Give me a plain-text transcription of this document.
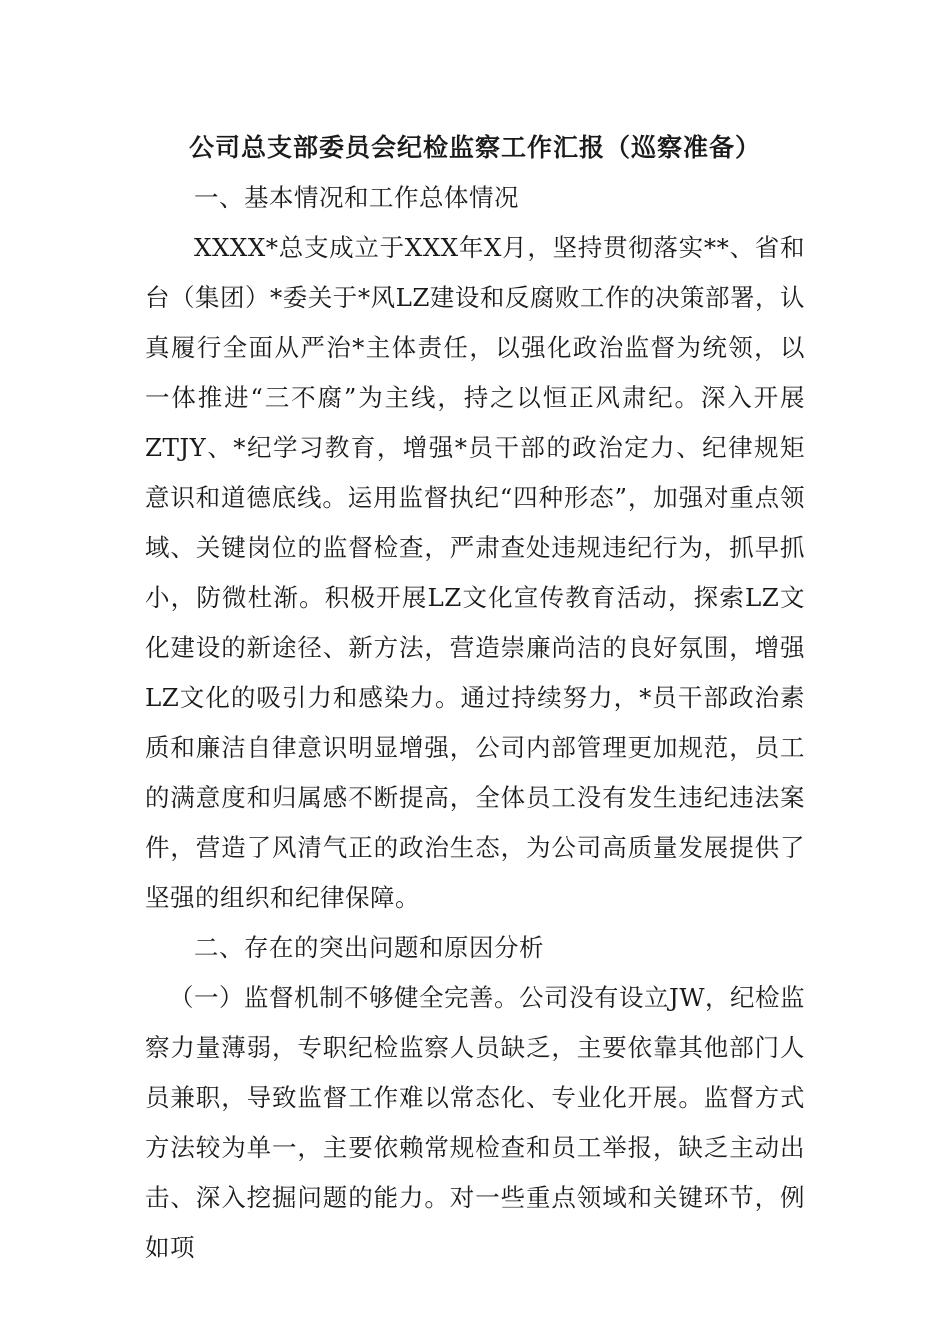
公司总支部委员会纪检监察工作汇报（巡察准备）

一、基本情况和工作总体情况

XXXX*总支成立于XXX年X月，坚持贯彻落实**、省和台（集团）*委关于*风LZ建设和反腐败工作的决策部署，认真履行全面从严治*主体责任，以强化政治监督为统领，以一体推进“三不腐”为主线，持之以恒正风肃纪。深入开展ZTJY、*纪学习教育，增强*员干部的政治定力、纪律规矩意识和道德底线。运用监督执纪“四种形态”，加强对重点领域、关键岗位的监督检查，严肃查处违规违纪行为，抓早抓小，防微杜渐。积极开展LZ文化宣传教育活动，探索LZ文化建设的新途径、新方法，营造崇廉尚洁的良好氛围，增强LZ文化的吸引力和感染力。通过持续努力，*员干部政治素质和廉洁自律意识明显增强，公司内部管理更加规范，员工的满意度和归属感不断提高，全体员工没有发生违纪违法案件，营造了风清气正的政治生态，为公司高质量发展提供了坚强的组织和纪律保障。

二、存在的突出问题和原因分析

（一）监督机制不够健全完善。公司没有设立JW，纪检监察力量薄弱，专职纪检监察人员缺乏，主要依靠其他部门人员兼职，导致监督工作难以常态化、专业化开展。监督方式方法较为单一，主要依赖常规检查和员工举报，缺乏主动出击、深入挖掘问题的能力。对一些重点领域和关键环节，例如项
